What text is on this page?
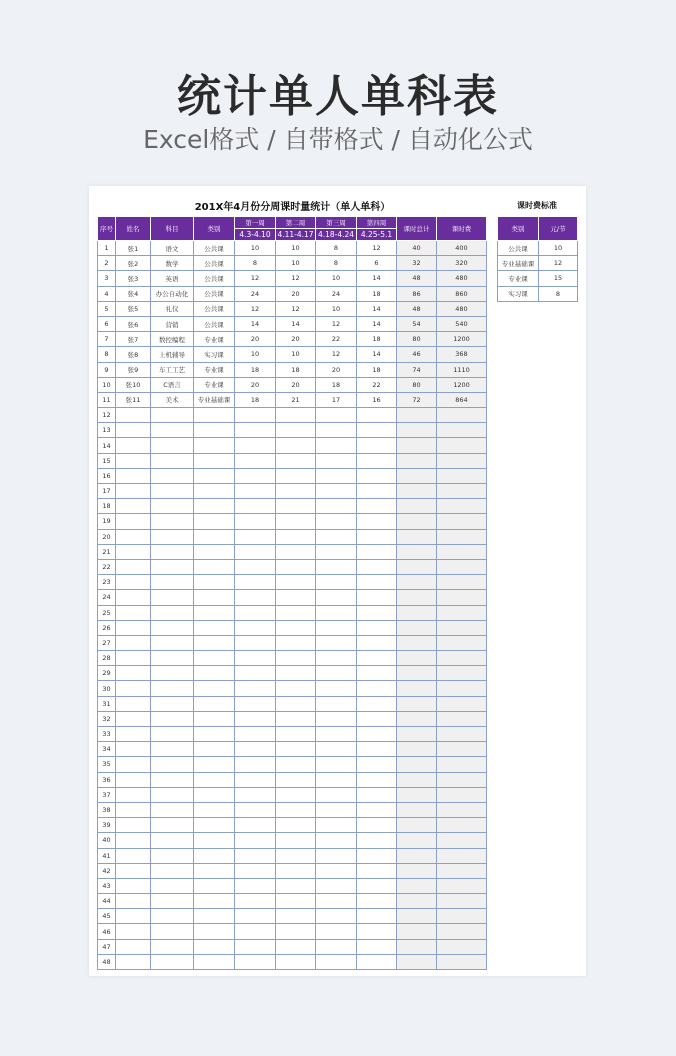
统计单人单科表
Excel格式 / 自带格式 / 自动化公式
201X年4月份分周课时量统计（单人单科）
序号	姓名	科目	类别	第一周	第二周	第三周	第四周	课时总计	课时费
				4.3-4.10	4.11-4.17	4.18-4.24	4.25-5.1		
1	张1	语文	公共课	10	10	8	12	40	400
2	张2	数学	公共课	8	10	8	6	32	320
3	张3	英语	公共课	12	12	10	14	48	480
4	张4	办公自动化	公共课	24	20	24	18	86	860
5	张5	礼仪	公共课	12	12	10	14	48	480
6	张6	营销	公共课	14	14	12	14	54	540
7	张7	数控编程	专业课	20	20	22	18	80	1200
8	张8	上机辅导	实习课	10	10	12	14	46	368
9	张9	车工工艺	专业课	18	18	20	18	74	1110
10	张10	C语言	专业课	20	20	18	22	80	1200
11	张11	美术	专业基础课	18	21	17	16	72	864
12									
13									
14									
15									
16									
17									
18									
19									
20									
21									
22									
23									
24									
25									
26									
27									
28									
29									
30									
31									
32									
33									
34									
35									
36									
37									
38									
39									
40									
41									
42									
43									
44									
45									
46									
47									
48									
课时费标准
类别	元/节
公共课	10
专业基础课	12
专业课	15
实习课	8
